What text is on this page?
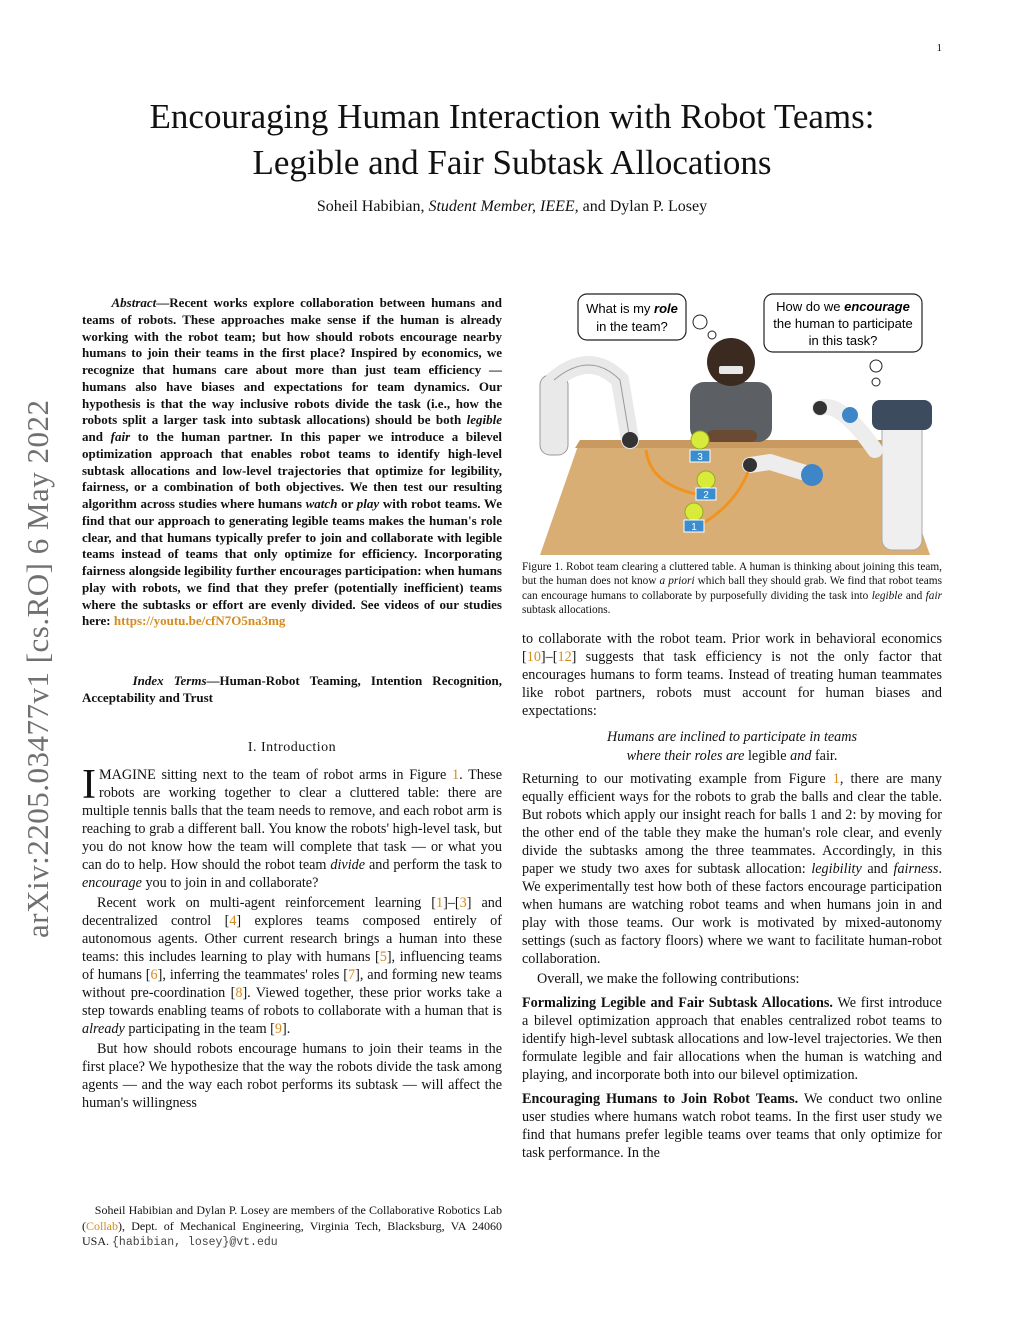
1
Encouraging Human Interaction with Robot Teams:
Legible and Fair Subtask Allocations
Soheil Habibian, Student Member, IEEE, and Dylan P. Losey
arXiv:2205.03477v1 [cs.RO] 6 May 2022

Abstract—Recent works explore collaboration between humans and teams of robots. These approaches make sense if the human is already working with the robot team; but how should robots encourage nearby humans to join their teams in the first place? Inspired by economics, we recognize that humans care about more than just team efficiency — humans also have biases and expectations for team dynamics. Our hypothesis is that the way inclusive robots divide the task (i.e., how the robots split a larger task into subtask allocations) should be both legible and fair to the human partner. In this paper we introduce a bilevel optimization approach that enables robot teams to identify high-level subtask allocations and low-level trajectories that optimize for legibility, fairness, or a combination of both objectives. We then test our resulting algorithm across studies where humans watch or play with robot teams. We find that our approach to generating legible teams makes the human's role clear, and that humans typically prefer to join and collaborate with legible teams instead of teams that only optimize for efficiency. Incorporating fairness alongside legibility further encourages participation: when humans play with robots, we find that they prefer (potentially inefficient) teams where the subtasks or effort are evenly divided. See videos of our studies here: https://youtu.be/cfN7O5na3mg

Index Terms—Human-Robot Teaming, Intention Recognition, Acceptability and Trust

I. Introduction

IMAGINE sitting next to the team of robot arms in Figure 1. These robots are working together to clear a cluttered table: there are multiple tennis balls that the team needs to remove, and each robot arm is reaching to grab a different ball. You know the robots' high-level task, but you do not know how the team will complete that task — or what you can do to help. How should the robot team divide and perform the task to encourage you to join in and collaborate?

Recent work on multi-agent reinforcement learning [1]–[3] and decentralized control [4] explores teams composed entirely of autonomous agents. Other current research brings a human into these teams: this includes learning to play with humans [5], influencing teams of humans [6], inferring the teammates' roles [7], and forming new teams without pre-coordination [8]. Viewed together, these prior works take a step towards enabling teams of robots to collaborate with a human that is already participating in the team [9].

But how should robots encourage humans to join their teams in the first place? We hypothesize that the way the robots divide the task among agents — and the way each robot performs its subtask — will affect the human's willingness

Soheil Habibian and Dylan P. Losey are members of the Collaborative Robotics Lab (Collab), Dept. of Mechanical Engineering, Virginia Tech, Blacksburg, VA 24060 USA. {habibian, losey}@vt.edu

3
2
1
What is my role
in the team?
How do we encourage
the human to participate
in this task?

Figure 1. Robot team clearing a cluttered table. A human is thinking about joining this team, but the human does not know a priori which ball they should grab. We find that robot teams can encourage humans to collaborate by purposefully dividing the task into legible and fair subtask allocations.

to collaborate with the robot team. Prior work in behavioral economics [10]–[12] suggests that task efficiency is not the only factor that encourages humans to form teams. Instead of treating human teammates like robot partners, robots must account for human biases and expectations:

Humans are inclined to participate in teams
where their roles are legible and fair.

Returning to our motivating example from Figure 1, there are many equally efficient ways for the robots to grab the balls and clear the table. But robots which apply our insight reach for balls 1 and 2: by moving for the other end of the table they make the human's role clear, and evenly divide the subtasks among the three teammates. Accordingly, in this paper we study two axes for subtask allocation: legibility and fairness. We experimentally test how both of these factors encourage participation when humans are watching robot teams and when humans join in and play with those teams. Our work is motivated by mixed-autonomy settings (such as factory floors) where we want to facilitate human-robot collaboration.

Overall, we make the following contributions:

Formalizing Legible and Fair Subtask Allocations. We first introduce a bilevel optimization approach that enables centralized robot teams to identify high-level subtask allocations and low-level trajectories. We then formulate legible and fair allocations when the human is watching and playing, and incorporate both into our bilevel optimization.

Encouraging Humans to Join Robot Teams. We conduct two online user studies where humans watch robot teams. In the first user study we find that humans prefer legible teams over teams that only optimize for task performance. In the
